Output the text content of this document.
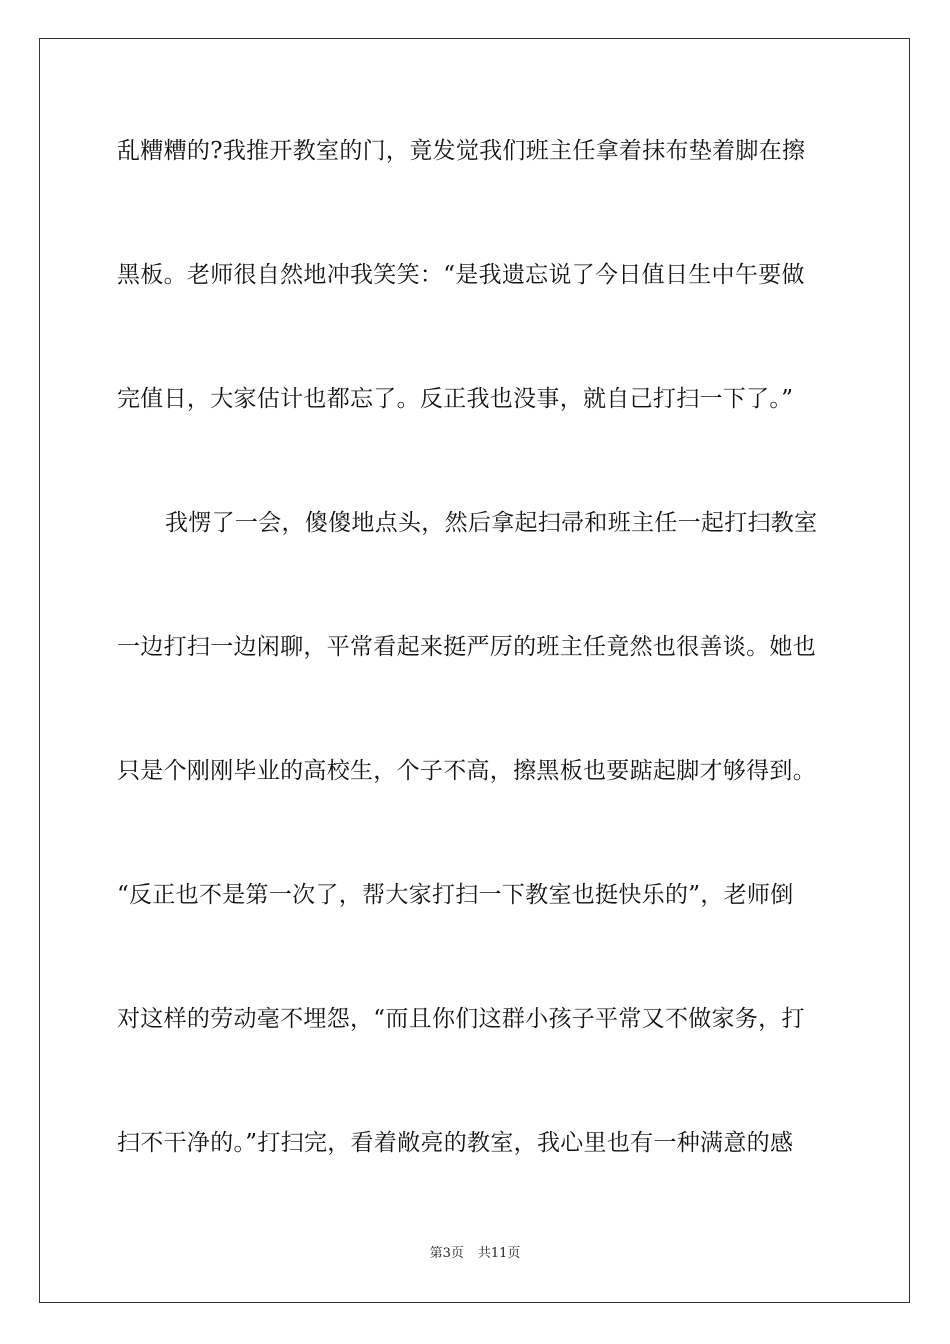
乱糟糟的?我推开教室的门，竟发觉我们班主任拿着抹布垫着脚在擦
黑板。老师很自然地冲我笑笑：“是我遗忘说了今日值日生中午要做
完值日，大家估计也都忘了。反正我也没事，就自己打扫一下了。”
我愣了一会，傻傻地点头，然后拿起扫帚和班主任一起打扫教室
一边打扫一边闲聊，平常看起来挺严厉的班主任竟然也很善谈。她也
只是个刚刚毕业的高校生，个子不高，擦黑板也要踮起脚才够得到。
“反正也不是第一次了，帮大家打扫一下教室也挺快乐的”，老师倒
对这样的劳动毫不埋怨，“而且你们这群小孩子平常又不做家务，打
扫不干净的。”打扫完，看着敞亮的教室，我心里也有一种满意的感
第3页 共11页
